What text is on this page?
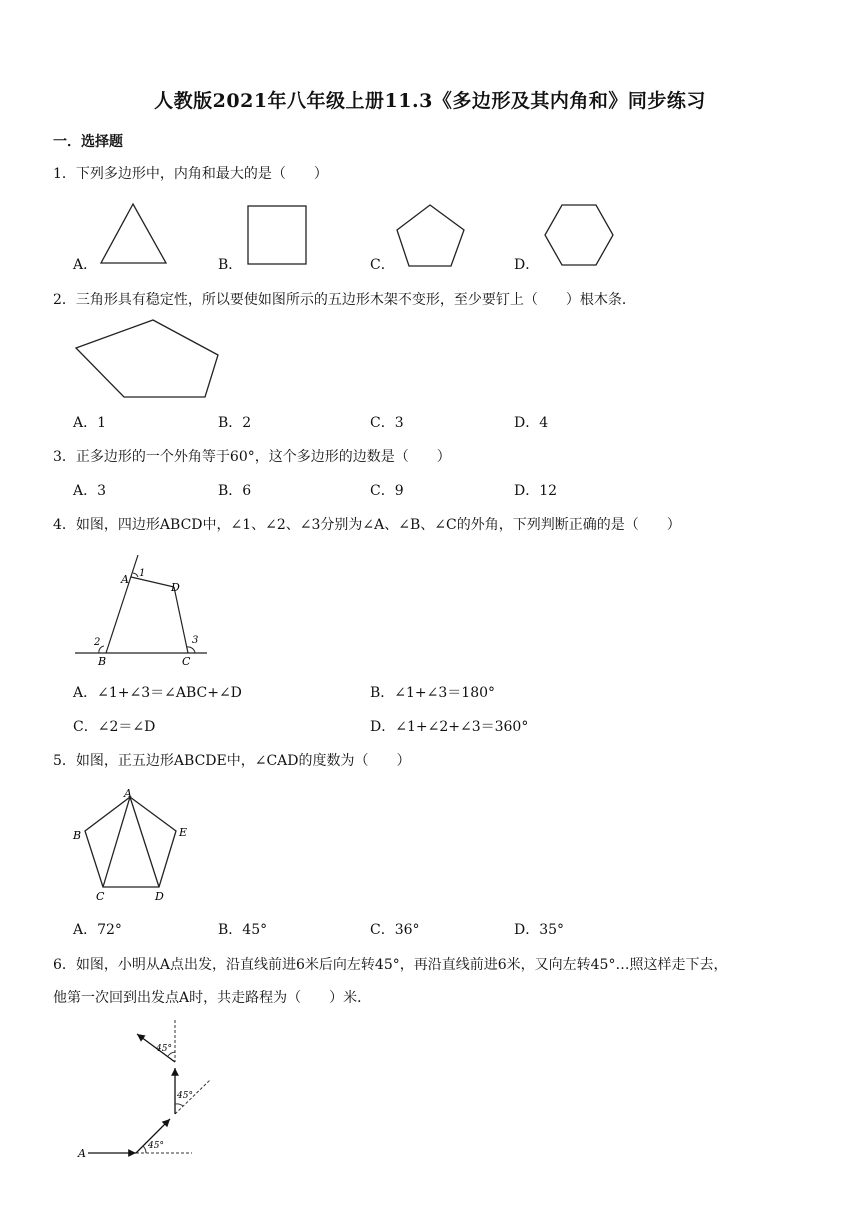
人教版2021年八年级上册11.3《多边形及其内角和》同步练习
一．选择题
1．下列多边形中，内角和最大的是（　　）
A．	B．	C．	D．
2．三角形具有稳定性，所以要使如图所示的五边形木架不变形，至少要钉上（　　）根木条．
A．1	B．2	C．3	D．4
3．正多边形的一个外角等于60°，这个多边形的边数是（　　）
A．3	B．6	C．9	D．12
4．如图，四边形ABCD中，∠1、∠2、∠3分别为∠A、∠B、∠C的外角，下列判断正确的是（　　）
A
B	C
D
1
2	3
A．∠1+∠3＝∠ABC+∠D	B．∠1+∠3＝180°
C．∠2＝∠D	D．∠1+∠2+∠3＝360°
5．如图，正五边形ABCDE中，∠CAD的度数为（　　）
A
B
C	D
E
A．72°	B．45°	C．36°	D．35°
6．如图，小明从A点出发，沿直线前进6米后向左转45°，再沿直线前进6米，又向左转45°…照这样走下去，
他第一次回到出发点A时，共走路程为（　　）米．
A
45°
45°
45°
